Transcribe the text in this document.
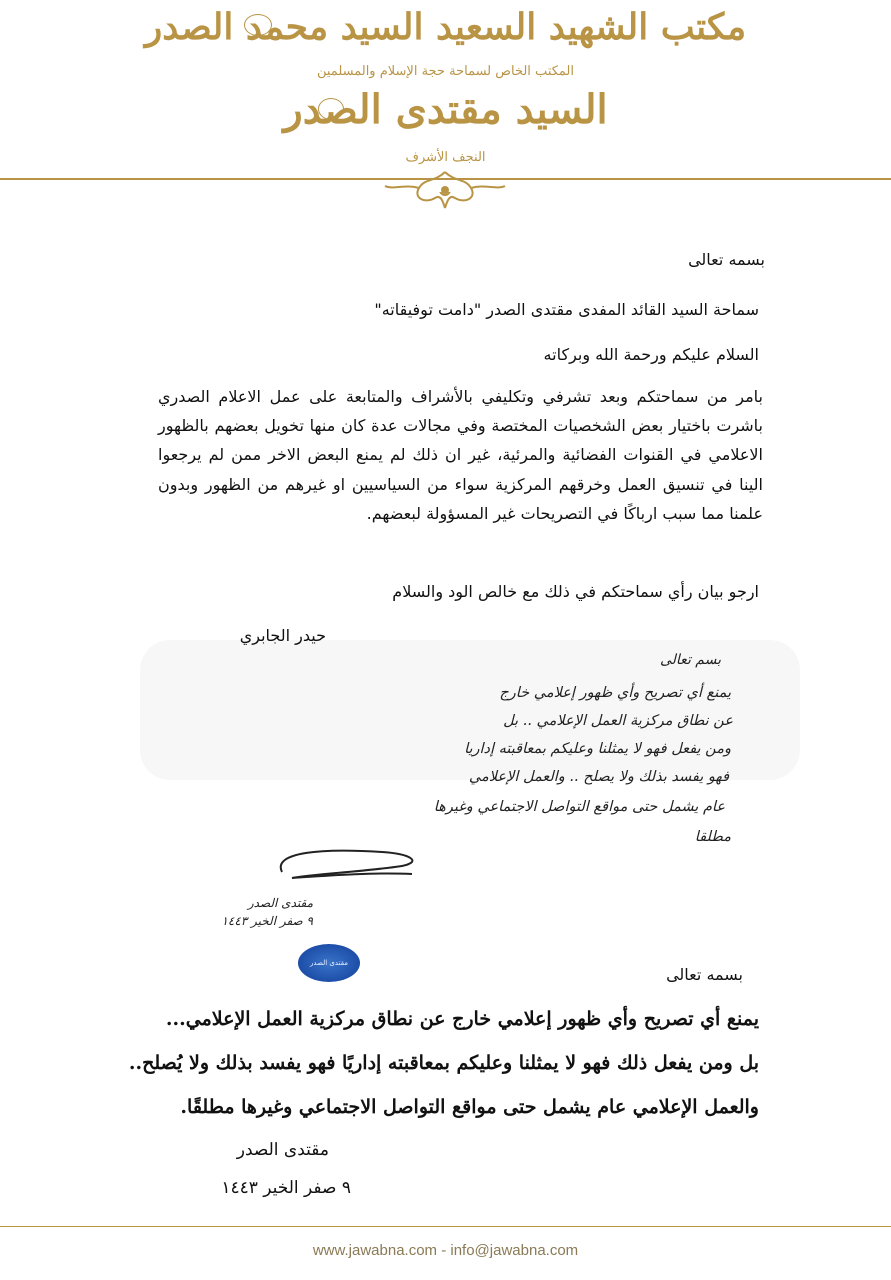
مكتب الشهيد السعيد السيد محمد الصدر
المكتب الخاص لسماحة حجة الإسلام والمسلمين
السيد مقتدى الصدر
النجف الأشرف
بسمه تعالى
سماحة السيد القائد المفدى مقتدى الصدر "دامت توفيقاته"
السلام عليكم ورحمة الله وبركاته
بامر من سماحتكم وبعد تشرفي وتكليفي بالأشراف والمتابعة على عمل الاعلام الصدري باشرت باختيار بعض الشخصيات المختصة وفي مجالات عدة كان منها تخويل بعضهم بالظهور الاعلامي في القنوات الفضائية والمرئية، غير ان ذلك لم يمنع البعض الاخر ممن لم يرجعوا الينا في تنسيق العمل وخرقهم المركزية سواء من السياسيين او غيرهم من الظهور وبدون علمنا مما سبب ارباكًا في التصريحات غير المسؤولة لبعضهم.
ارجو بيان رأي سماحتكم في ذلك مع خالص الود والسلام
حيدر الجابري
بسم تعالى
يمنع أي تصريح وأي ظهور إعلامي خارج
عن نطاق مركزية العمل الإعلامي .. بل
ومن يفعل فهو لا يمثلنا وعليكم بمعاقبته إداريا
فهو يفسد بذلك ولا يصلح .. والعمل الإعلامي
عام يشمل حتى مواقع التواصل الاجتماعي وغيرها
مطلقا
مقتدى الصدر
٩ صفر الخير ١٤٤٣
مقتدى الصدر
بسمه تعالى
يمنع أي تصريح وأي ظهور إعلامي خارج عن نطاق مركزية العمل الإعلامي...
بل ومن يفعل ذلك فهو لا يمثلنا وعليكم بمعاقبته إداريًا فهو يفسد بذلك ولا يُصلح..
والعمل الإعلامي عام يشمل حتى مواقع التواصل الاجتماعي وغيرها مطلقًا.
مقتدى الصدر
٩ صفر الخير ١٤٤٣
www.jawabna.com - info@jawabna.com
